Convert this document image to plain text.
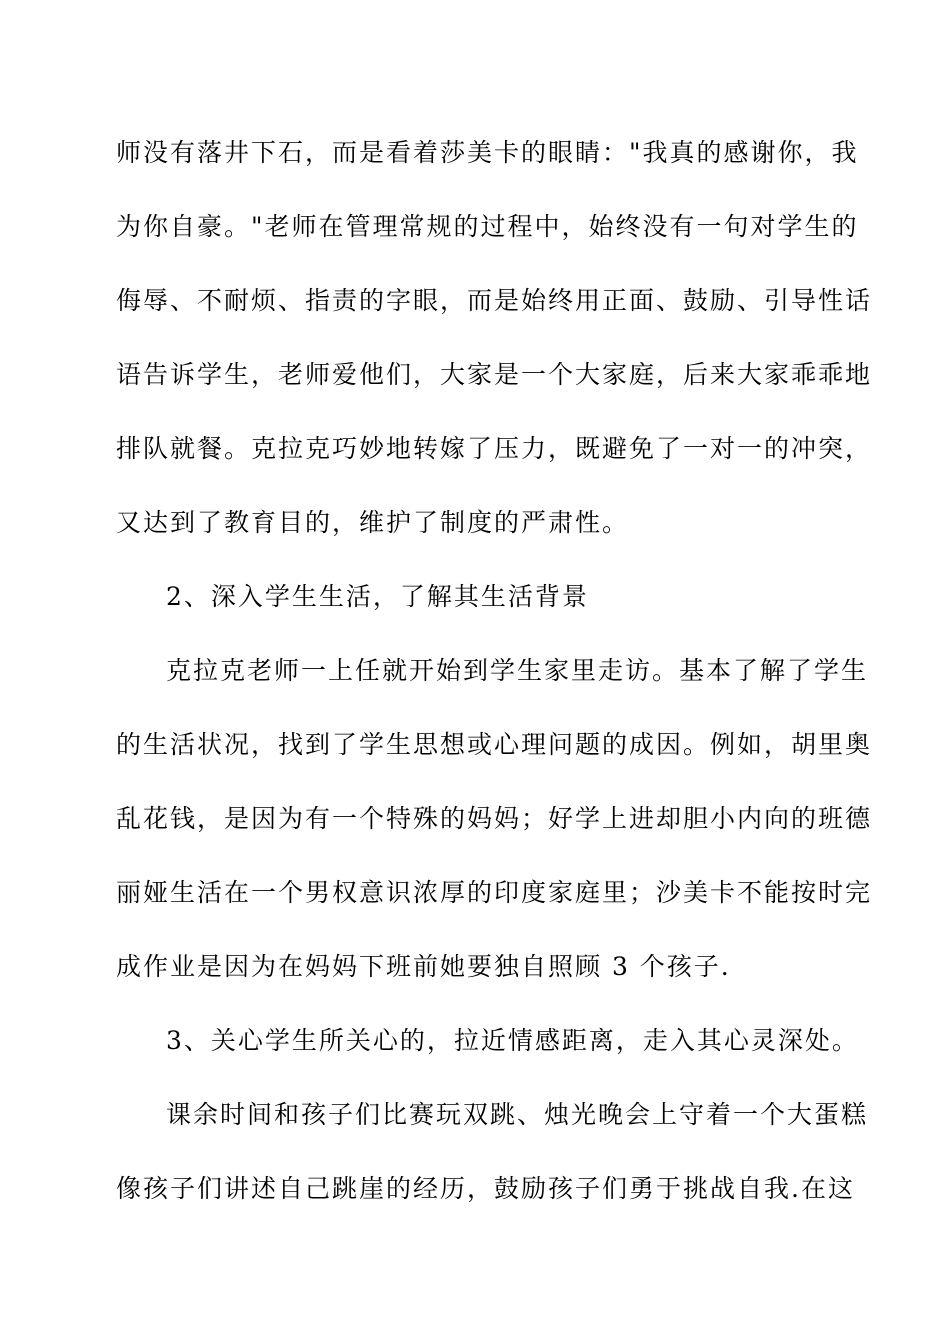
师没有落井下石，而是看着莎美卡的眼睛："我真的感谢你，我
为你自豪。"老师在管理常规的过程中，始终没有一句对学生的
侮辱、不耐烦、指责的字眼，而是始终用正面、鼓励、引导性话
语告诉学生，老师爱他们，大家是一个大家庭，后来大家乖乖地
排队就餐。克拉克巧妙地转嫁了压力，既避免了一对一的冲突，
又达到了教育目的，维护了制度的严肃性。
2、深入学生生活，了解其生活背景
克拉克老师一上任就开始到学生家里走访。基本了解了学生
的生活状况，找到了学生思想或心理问题的成因。例如，胡里奥
乱花钱，是因为有一个特殊的妈妈；好学上进却胆小内向的班德
丽娅生活在一个男权意识浓厚的印度家庭里；沙美卡不能按时完
成作业是因为在妈妈下班前她要独自照顾 3 个孩子.
3、关心学生所关心的，拉近情感距离，走入其心灵深处。
课余时间和孩子们比赛玩双跳、烛光晚会上守着一个大蛋糕
像孩子们讲述自己跳崖的经历，鼓励孩子们勇于挑战自我.在这
